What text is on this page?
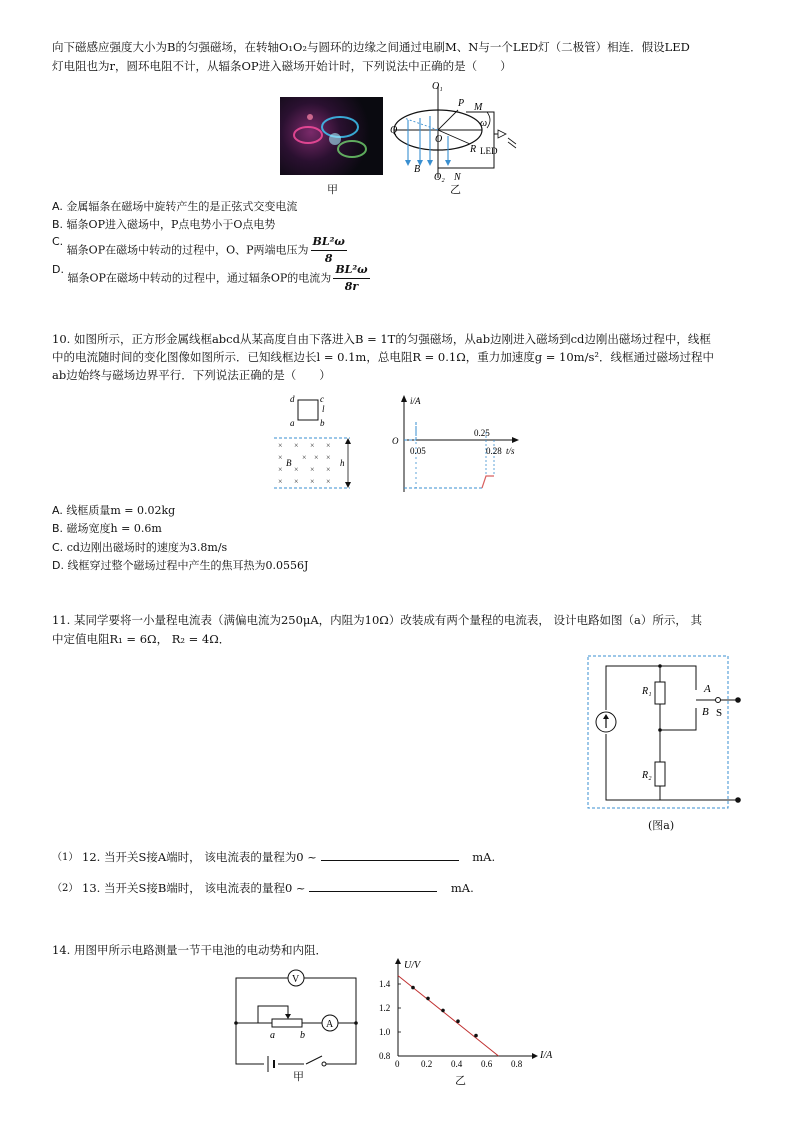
向下磁感应强度大小为B的匀强磁场，在转轴O₁O₂与圆环的边缘之间通过电刷M、N与一个LED灯（二极管）相连．假设LED
灯电阻也为r，圆环电阻不计，从辐条OP进入磁场开始计时，下列说法中正确的是（　　）
甲
O₁
P M
Q
O
ω
R LED
B
O₂ N
乙
A. 金属辐条在磁场中旋转产生的是正弦式交变电流
B. 辐条OP进入磁场中，P点电势小于O点电势
C. 辐条OP在磁场中转动的过程中，O、P两端电压为 $\frac{\text{BL²ω}}{8}$
D. 辐条OP在磁场中转动的过程中，通过辐条OP的电流为 $\frac{\text{BL²ω}}{8r}$
10. 如图所示，正方形金属线框abcd从某高度自由下落进入B = 1T的匀强磁场，从ab边刚进入磁场到cd边刚出磁场过程中，线框
中的电流随时间的变化图像如图所示．已知线框边长l = 0.1m，总电阻R = 0.1Ω，重力加速度g = 10m/s²．线框通过磁场过程中
ab边始终与磁场边界平行．下列说法正确的是（　　）
× × × ×
× × × ×
× × × ×
× × × ×
d	c
l
a	b
B	h
i/A
O
0.05
0.25
0.28 t/s
A. 线框质量m = 0.02kg
B. 磁场宽度h = 0.6m
C. cd边刚出磁场时的速度为3.8m/s
D. 线框穿过整个磁场过程中产生的焦耳热为0.0556J
11. 某同学要将一小量程电流表（满偏电流为250μA，内阻为10Ω）改装成有两个量程的电流表， 设计电路如图（a）所示， 其
中定值电阻R₁ = 6Ω， R₂ = 4Ω．
R₁
R₂
A
B S
(图a)
（1） 12. 当开关S接A端时， 该电流表的量程为0 ~	mA.
（2） 13. 当开关S接B端时， 该电流表的量程0 ~	mA.
14. 用图甲所示电路测量一节干电池的电动势和内阻．
V
A
a	b
甲
0 0.2 0.4 0.6 0.8
0.8
1.0
1.2
1.4
U/V
I/A
乙
